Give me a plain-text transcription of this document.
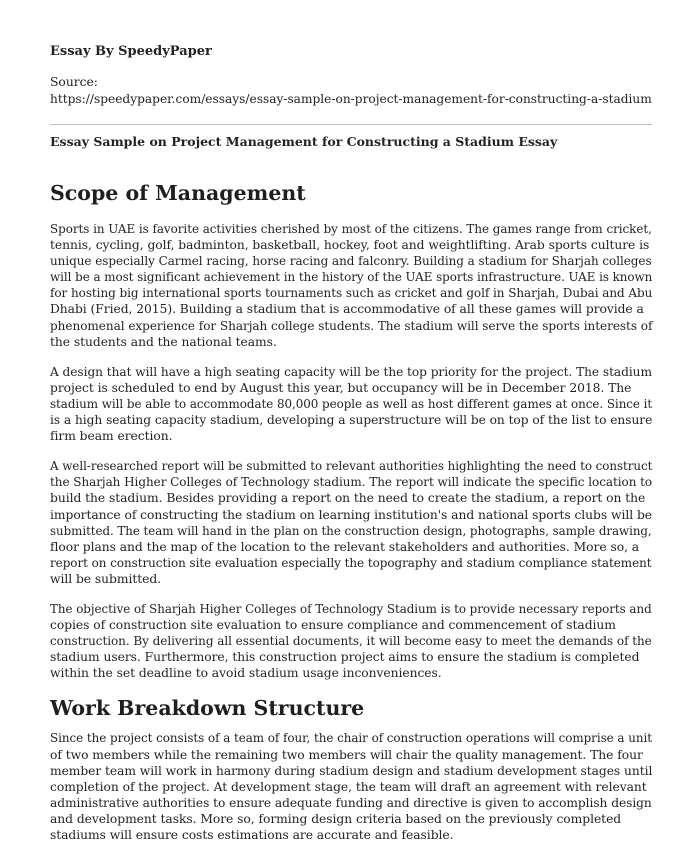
Essay By SpeedyPaper
Source:
https://speedypaper.com/essays/essay-sample-on-project-management-for-constructing-a-stadium
Essay Sample on Project Management for Constructing a Stadium Essay
Scope of Management

Sports in UAE is favorite activities cherished by most of the citizens. The games range from cricket,
tennis, cycling, golf, badminton, basketball, hockey, foot and weightlifting. Arab sports culture is
unique especially Carmel racing, horse racing and falconry. Building a stadium for Sharjah colleges
will be a most significant achievement in the history of the UAE sports infrastructure. UAE is known
for hosting big international sports tournaments such as cricket and golf in Sharjah, Dubai and Abu
Dhabi (Fried, 2015). Building a stadium that is accommodative of all these games will provide a
phenomenal experience for Sharjah college students. The stadium will serve the sports interests of
the students and the national teams.

A design that will have a high seating capacity will be the top priority for the project. The stadium
project is scheduled to end by August this year, but occupancy will be in December 2018. The
stadium will be able to accommodate 80,000 people as well as host different games at once. Since it
is a high seating capacity stadium, developing a superstructure will be on top of the list to ensure
firm beam erection.

A well-researched report will be submitted to relevant authorities highlighting the need to construct
the Sharjah Higher Colleges of Technology stadium. The report will indicate the specific location to
build the stadium. Besides providing a report on the need to create the stadium, a report on the
importance of constructing the stadium on learning institution's and national sports clubs will be
submitted. The team will hand in the plan on the construction design, photographs, sample drawing,
floor plans and the map of the location to the relevant stakeholders and authorities. More so, a
report on construction site evaluation especially the topography and stadium compliance statement
will be submitted.

The objective of Sharjah Higher Colleges of Technology Stadium is to provide necessary reports and
copies of construction site evaluation to ensure compliance and commencement of stadium
construction. By delivering all essential documents, it will become easy to meet the demands of the
stadium users. Furthermore, this construction project aims to ensure the stadium is completed
within the set deadline to avoid stadium usage inconveniences.

Work Breakdown Structure

Since the project consists of a team of four, the chair of construction operations will comprise a unit
of two members while the remaining two members will chair the quality management. The four
member team will work in harmony during stadium design and stadium development stages until
completion of the project. At development stage, the team will draft an agreement with relevant
administrative authorities to ensure adequate funding and directive is given to accomplish design
and development tasks. More so, forming design criteria based on the previously completed
stadiums will ensure costs estimations are accurate and feasible.
